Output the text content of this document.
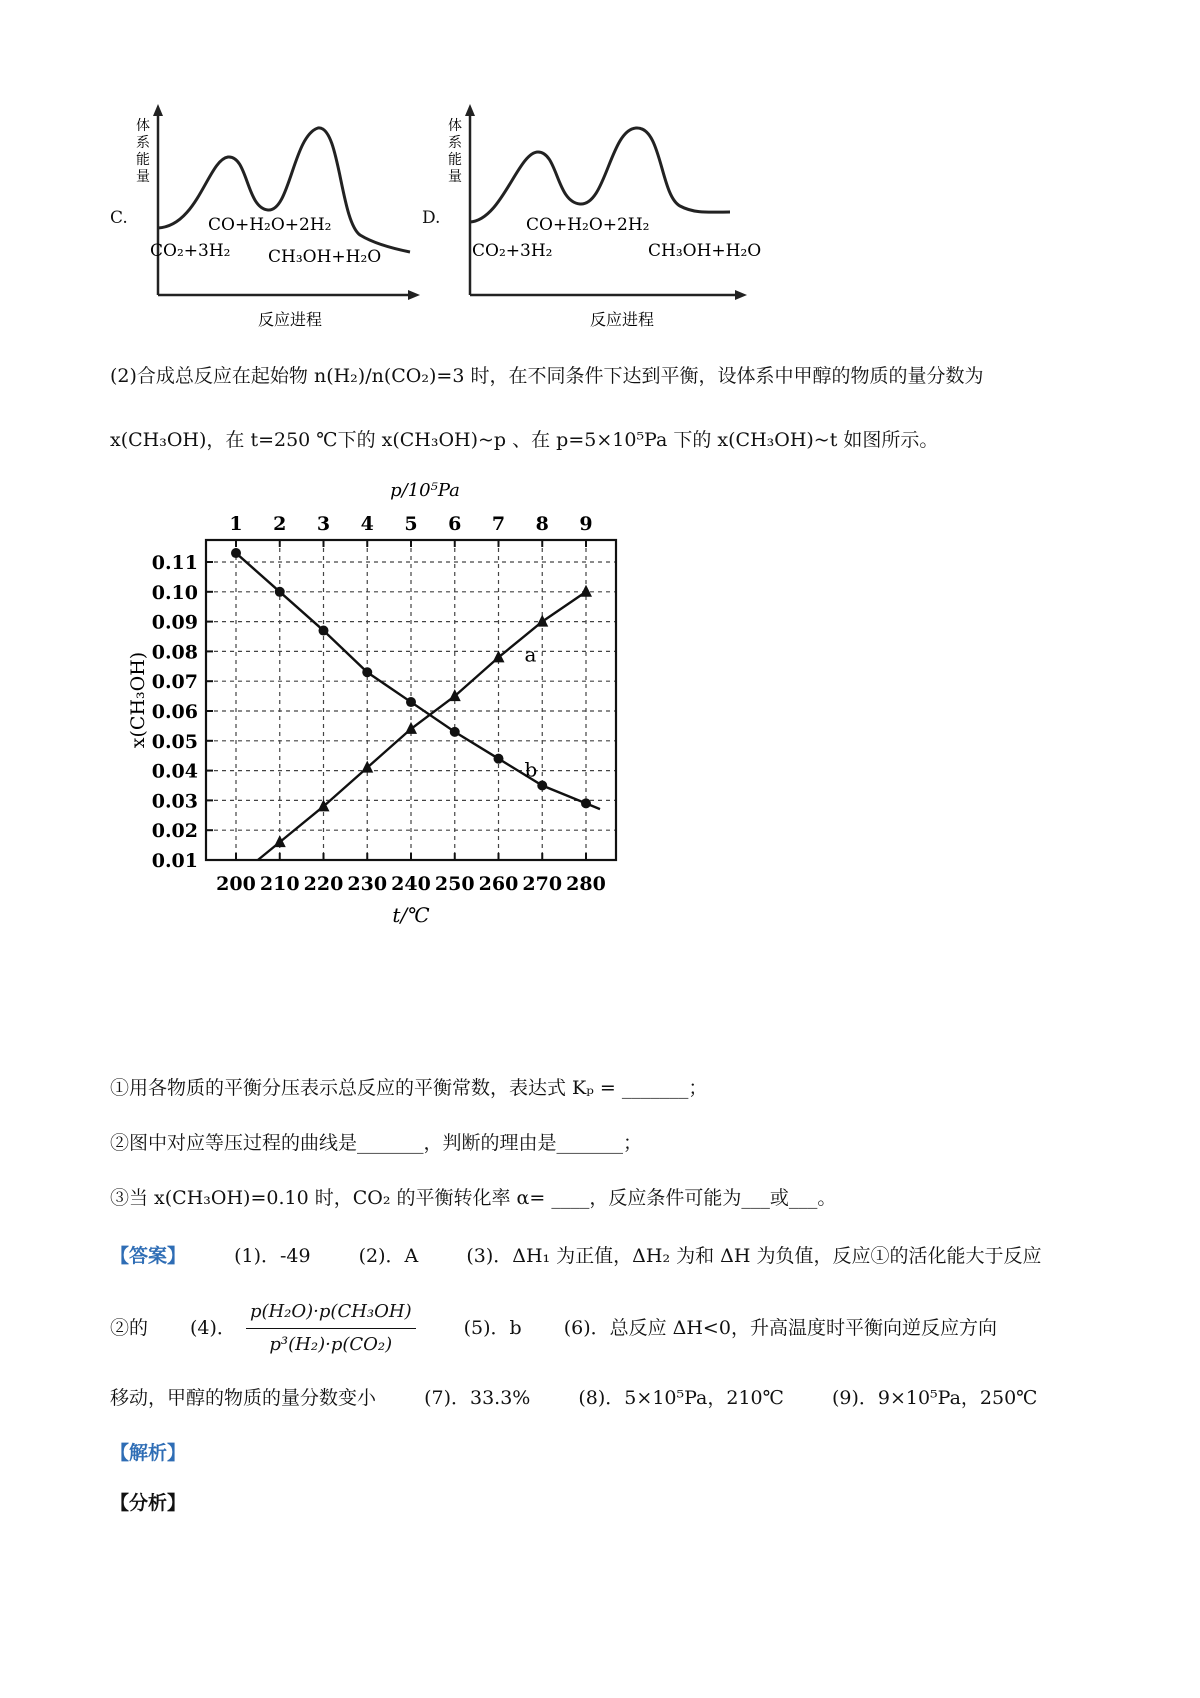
C.
体 系 能 量
CO+H₂O+2H₂
CO₂+3H₂ CH₃OH+H₂O
反应进程
D.
体 系 能 量
CO+H₂O+2H₂
CO₂+3H₂	CH₃OH+H₂O
反应进程
(2)合成总反应在起始物 n(H₂)/n(CO₂)=3 时，在不同条件下达到平衡，设体系中甲醇的物质的量分数为
x(CH₃OH)，在 t=250 ℃下的 x(CH₃OH)~p 、在 p=5×10⁵Pa 下的 x(CH₃OH)~t 如图所示。
200 210 220 230 240 250 260 270 280
1 2 3 4 5 6 7 8 9
0.01
0.02
0.03
0.04
0.05
0.06
0.07
0.08
0.09
0.10
0.11
t/℃
p/10⁵Pa
x(CH₃OH)	a
b
①用各物质的平衡分压表示总反应的平衡常数，表达式 Kₚ = _______；
②图中对应等压过程的曲线是_______，判断的理由是_______；
③当 x(CH₃OH)=0.10 时，CO₂ 的平衡转化率 α= ____，反应条件可能为___或___。
【答案】	(1)．-49	(2)．A	(3)．ΔH₁ 为正值，ΔH₂ 为和 ΔH 为负值，反应①的活化能大于反应
②的 (4)． $\frac{\text{p(H₂O)·p(CH₃OH)}}{\text{p³(H₂)·p(CO₂)}}$	(5)．b (6)．总反应 ΔH<0，升高温度时平衡向逆反应方向
移动，甲醇的物质的量分数变小	(7)．33.3%	(8)．5×10⁵Pa，210℃	(9)．9×10⁵Pa，250℃
【解析】
【分析】
